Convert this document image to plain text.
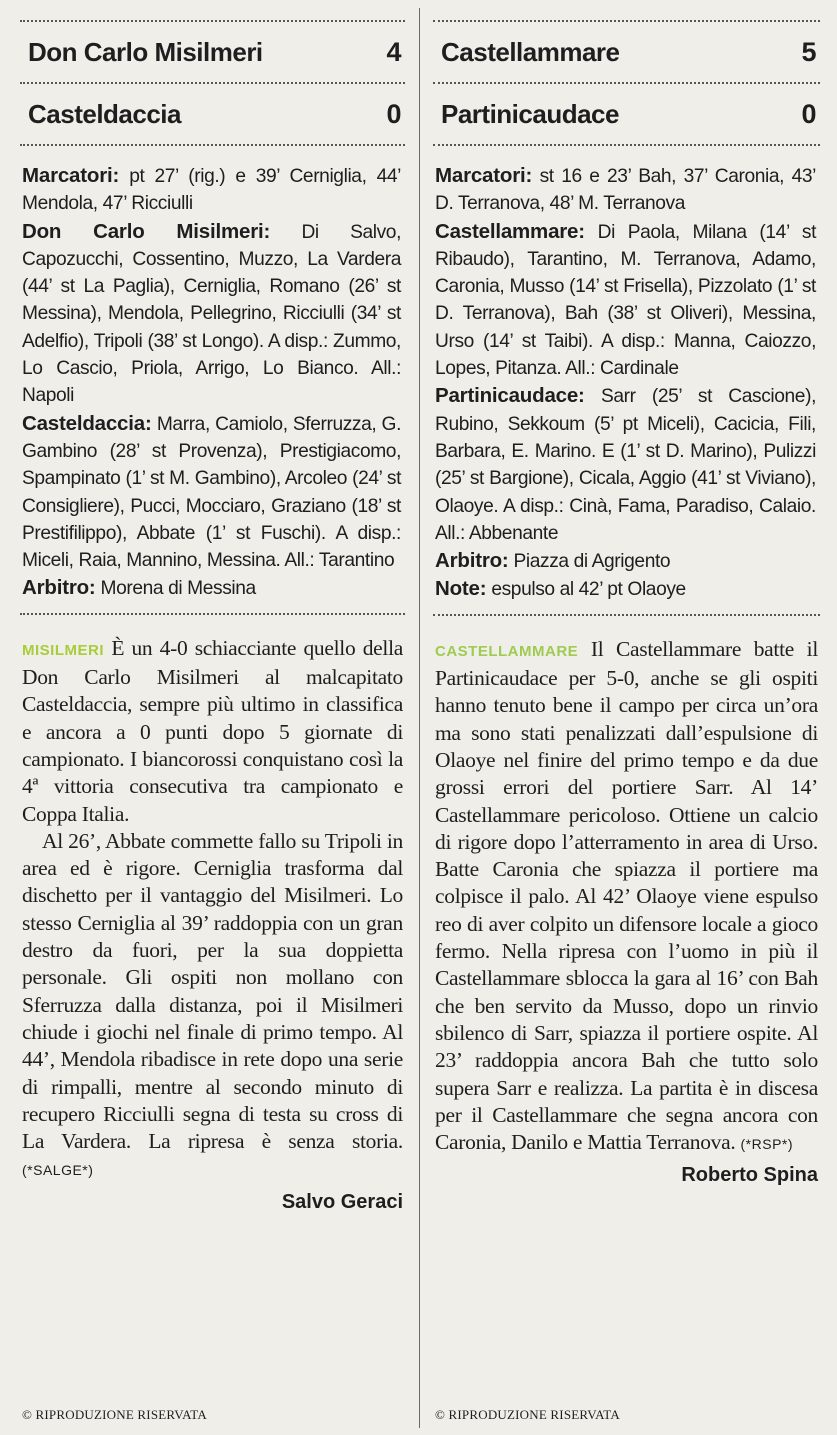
Don Carlo Misilmeri	4
Casteldaccia	0

Marcatori: pt 27’ (rig.) e 39’ Cerniglia, 44’ Mendola, 47’ Ricciulli

Don Carlo Misilmeri: Di Salvo, Capozucchi, Cossentino, Muzzo, La Vardera (44’ st La Paglia), Cerniglia, Romano (26’ st Messina), Mendola, Pellegrino, Ricciulli (34’ st Adelfio), Tripoli (38’ st Longo). A disp.: Zummo, Lo Cascio, Priola, Arrigo, Lo Bianco. All.: Napoli

Casteldaccia: Marra, Camiolo, Sferruzza, G. Gambino (28’ st Provenza), Prestigiacomo, Spampinato (1’ st M. Gambino), Arcoleo (24’ st Consigliere), Pucci, Mocciaro, Graziano (18’ st Prestifilippo), Abbate (1’ st Fuschi). A disp.: Miceli, Raia, Mannino, Messina. All.: Tarantino

Arbitro: Morena di Messina

MISILMERI È un 4-0 schiacciante quello della Don Carlo Misilmeri al malcapitato Casteldaccia, sempre più ultimo in classifica e ancora a 0 punti dopo 5 giornate di campionato. I biancorossi conquistano così la 4ª vittoria consecutiva tra campionato e Coppa Italia.

Al 26’, Abbate commette fallo su Tripoli in area ed è rigore. Cerniglia trasforma dal dischetto per il vantaggio del Misilmeri. Lo stesso Cerniglia al 39’ raddoppia con un gran destro da fuori, per la sua doppietta personale. Gli ospiti non mollano con Sferruzza dalla distanza, poi il Misilmeri chiude i giochi nel finale di primo tempo. Al 44’, Mendola ribadisce in rete dopo una serie di rimpalli, mentre al secondo minuto di recupero Ricciulli segna di testa su cross di La Vardera. La ripresa è senza storia. (*SALGE*)

Salvo Geraci
© RIPRODUZIONE RISERVATA
Castellammare	5
Partinicaudace	0

Marcatori: st 16 e 23’ Bah, 37’ Caronia, 43’ D. Terranova, 48’ M. Terranova

Castellammare: Di Paola, Milana (14’ st Ribaudo), Tarantino, M. Terranova, Adamo, Caronia, Musso (14’ st Frisella), Pizzolato (1’ st D. Terranova), Bah (38’ st Oliveri), Messina, Urso (14’ st Taibi). A disp.: Manna, Caiozzo, Lopes, Pitanza. All.: Cardinale

Partinicaudace: Sarr (25’ st Cascione), Rubino, Sekkoum (5’ pt Miceli), Cacicia, Fili, Barbara, E. Marino. E (1’ st D. Marino), Pulizzi (25’ st Bargione), Cicala, Aggio (41’ st Viviano), Olaoye. A disp.: Cinà, Fama, Paradiso, Calaio. All.: Abbenante

Arbitro: Piazza di Agrigento

Note: espulso al 42’ pt Olaoye

CASTELLAMMARE Il Castellammare batte il Partinicaudace per 5-0, anche se gli ospiti hanno tenuto bene il campo per circa un’ora ma sono stati penalizzati dall’espulsione di Olaoye nel finire del primo tempo e da due grossi errori del portiere Sarr. Al 14’ Castellammare pericoloso. Ottiene un calcio di rigore dopo l’atterramento in area di Urso. Batte Caronia che spiazza il portiere ma colpisce il palo. Al 42’ Olaoye viene espulso reo di aver colpito un difensore locale a gioco fermo. Nella ripresa con l’uomo in più il Castellammare sblocca la gara al 16’ con Bah che ben servito da Musso, dopo un rinvio sbilenco di Sarr, spiazza il portiere ospite. Al 23’ raddoppia ancora Bah che tutto solo supera Sarr e realizza. La partita è in discesa per il Castellammare che segna ancora con Caronia, Danilo e Mattia Terranova. (*RSP*)

Roberto Spina
© RIPRODUZIONE RISERVATA
